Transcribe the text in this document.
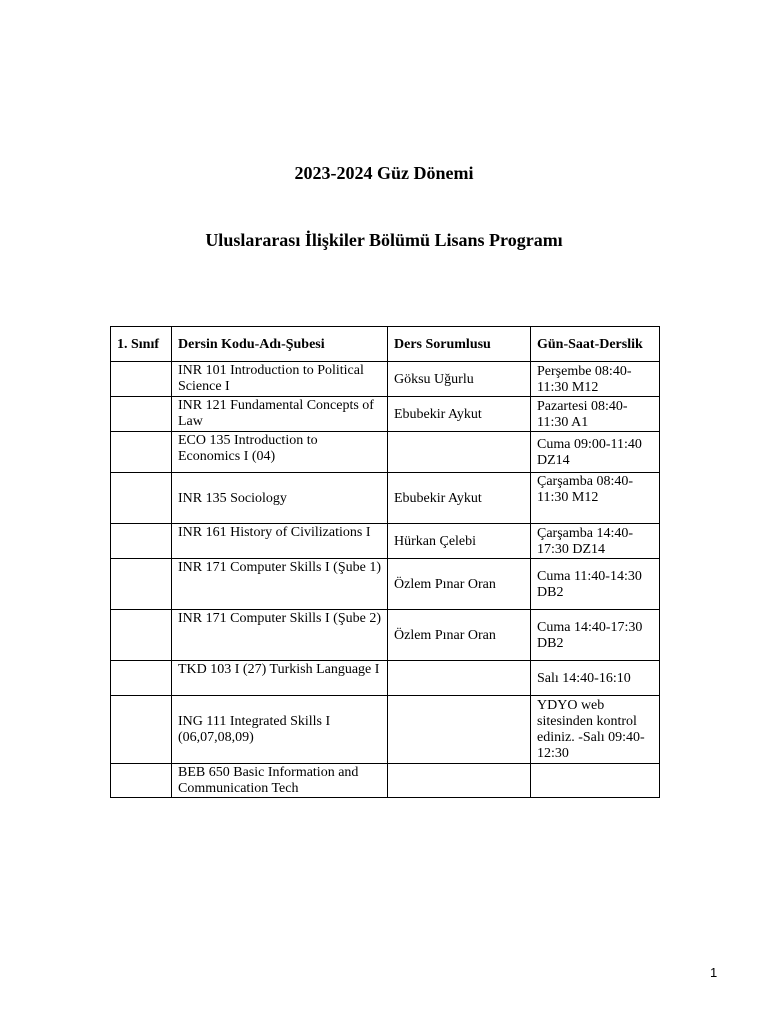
2023-2024 Güz Dönemi
Uluslararası İlişkiler Bölümü Lisans Programı
1. Sınıf	Dersin Kodu-Adı-Şubesi	Ders Sorumlusu	Gün-Saat-Derslik
	INR 101 Introduction to Political Science I	Göksu Uğurlu	Perşembe 08:40-11:30 M12
	INR 121 Fundamental Concepts of Law	Ebubekir Aykut	Pazartesi 08:40-11:30 A1
	ECO 135 Introduction to Economics I (04)		Cuma 09:00-11:40 DZ14
	INR 135 Sociology	Ebubekir Aykut	Çarşamba 08:40-11:30 M12
	INR 161 History of Civilizations I	Hürkan Çelebi	Çarşamba 14:40-17:30 DZ14
	INR 171 Computer Skills I (Şube 1)	Özlem Pınar Oran	Cuma 11:40-14:30 DB2
	INR 171 Computer Skills I (Şube 2)	Özlem Pınar Oran	Cuma 14:40-17:30 DB2
	TKD 103 I (27) Turkish Language I		Salı 14:40-16:10
	ING 111 Integrated Skills I (06,07,08,09)		YDYO web sitesinden kontrol ediniz. -Salı 09:40-12:30
	BEB 650 Basic Information and Communication Tech		
1
